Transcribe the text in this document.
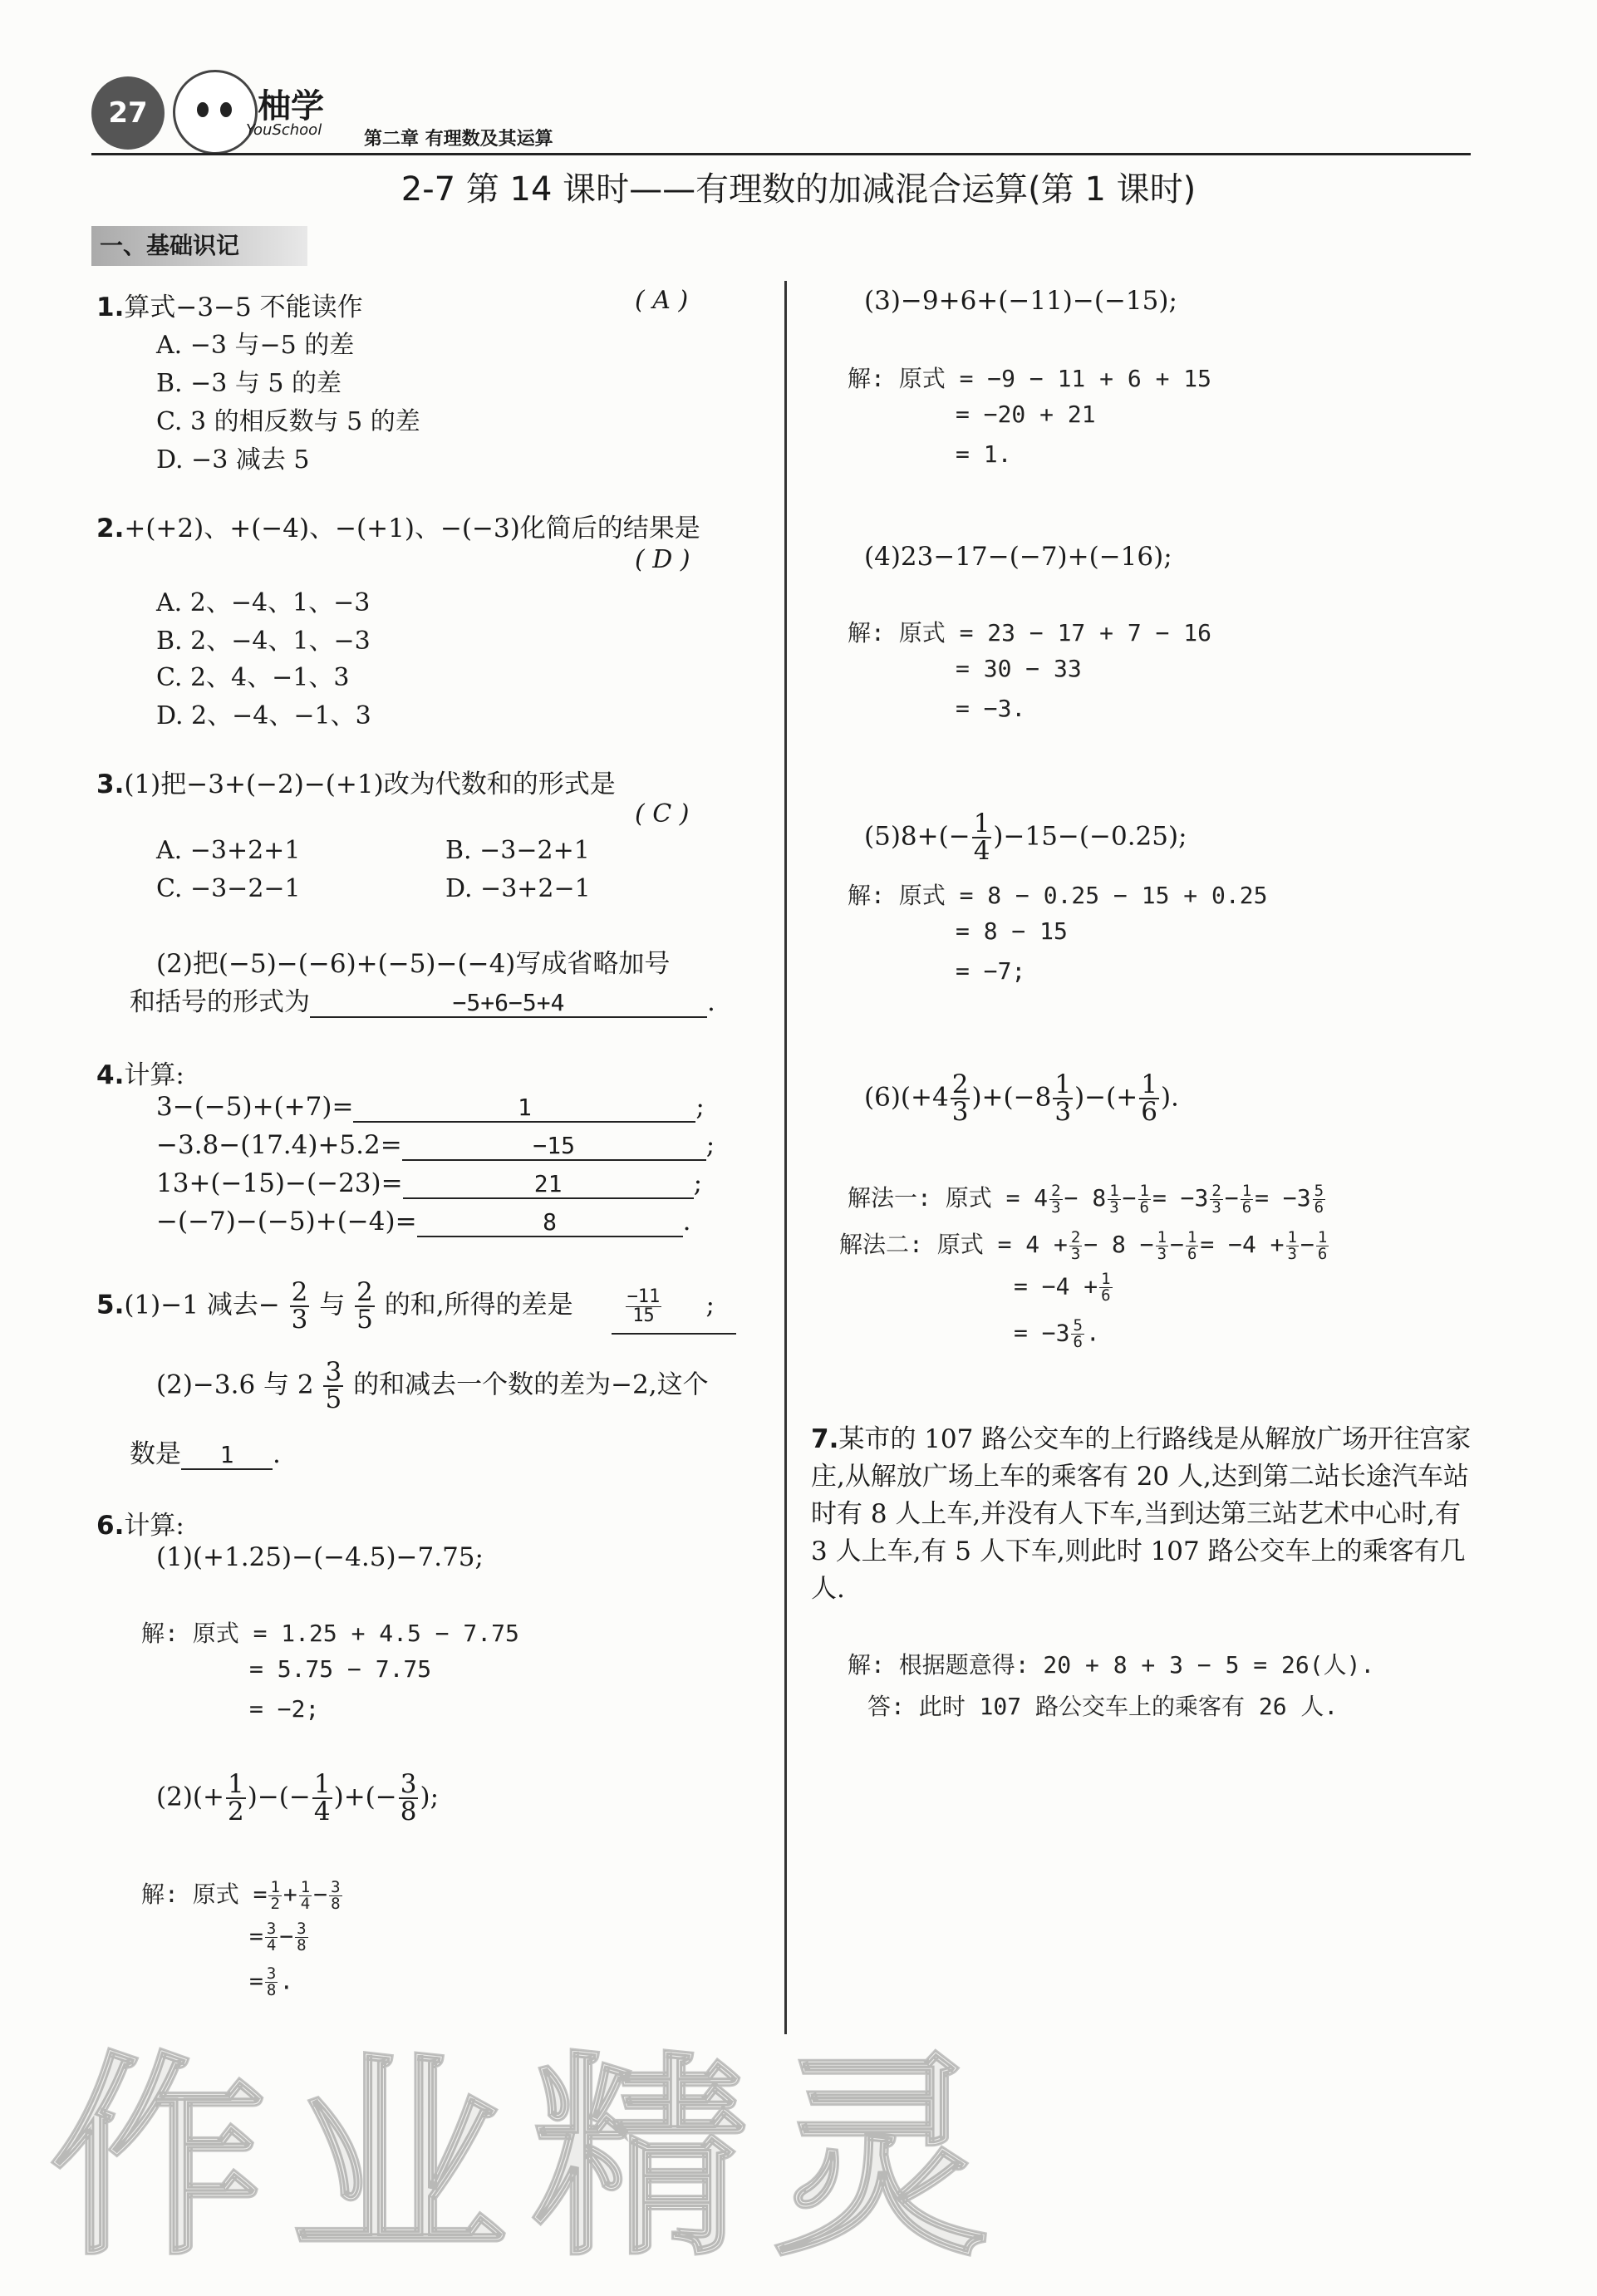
27	柚学
YouSchool 第二章 有理数及其运算
2-7 第 14 课时——有理数的加减混合运算(第 1 课时)
一、基础识记
1.算式−3−5 不能读作	( A )
A. −3 与−5 的差
B. −3 与 5 的差
C. 3 的相反数与 5 的差
D. −3 减去 5
2.+(+2)、+(−4)、−(+1)、−(−3)化简后的结果是
( D )
A. 2、−4、1、−3
B. 2、−4、1、−3
C. 2、4、−1、3
D. 2、−4、−1、3
3.(1)把−3+(−2)−(+1)改为代数和的形式是
( C )
A. −3+2+1	B. −3−2+1
C. −3−2−1	D. −3+2−1
(2)把(−5)−(−6)+(−5)−(−4)写成省略加号
和括号的形式为	−5+6−5+4	.
4.计算:
3−(−5)+(+7)=	1	;
−3.8−(17.4)+5.2=	−15	;
13+(−15)−(−23)=	21	;
−(−7)−(−5)+(−4)=	8	.
5.(1)−1 减去− $\frac{2}{3}$ 与 $\frac{2}{5}$ 的和,所得的差是	$\frac{-11}{15}$ ;
(2)−3.6 与 $2 \frac{3}{5}$ 的和减去一个数的差为−2,这个
数是 1 .
6.计算:
(1)(+1.25)−(−4.5)−7.75;
解: 原式 = 1.25 + 4.5 − 7.75
= 5.75 − 7.75
= −2;
$(2)(+ \frac{1}{2}$ )−(− $\frac{1}{4}$ )+(− $\frac{3}{8}$ );
解: 原式 = $\frac{1}{2} + \frac{1}{4} - \frac{3}{8}$
= $\frac{3}{4} - \frac{3}{8}$
= $\frac{3}{8}$ .
(3)−9+6+(−11)−(−15);
解: 原式 = −9 − 11 + 6 + 15
= −20 + 21
= 1.
(4)23−17−(−7)+(−16);
解: 原式 = 23 − 17 + 7 − 16
= 30 − 33
= −3.
$(5)8+(- \frac{1}{4} )-15-(-0.25)$;
解: 原式 = 8 − 0.25 − 15 + 0.25
= 8 − 15
= −7;
$(6)(+4 \frac{2}{3} )+(-8 \frac{1}{3}$ )−(+ $\frac{1}{6}$ ).
解法一: 原式 = $4 \frac{2}{3} - 8 \frac{1}{3} - \frac{1}{6} = -3 \frac{2}{3} - \frac{1}{6} = -3 \frac{5}{6}$
解法二: 原式 = $4 + \frac{2}{3} - 8 - \frac{1}{3} - \frac{1}{6} = -4 + \frac{1}{3} - \frac{1}{6}$
= $-4 + \frac{1}{6}$
= $-3 \frac{5}{6}$ .
7.某市的 107 路公交车的上行路线是从解放广场开往宫家庄,从解放广场上车的乘客有 20 人,达到第二站长途汽车站时有 8 人上车,并没有人下车,当到达第三站艺术中心时,有 3 人上车,有 5 人下车,则此时 107 路公交车上的乘客有几人.
解: 根据题意得: 20 + 8 + 3 − 5 = 26(人).
答: 此时 107 路公交车上的乘客有 26 人.
作业精灵
